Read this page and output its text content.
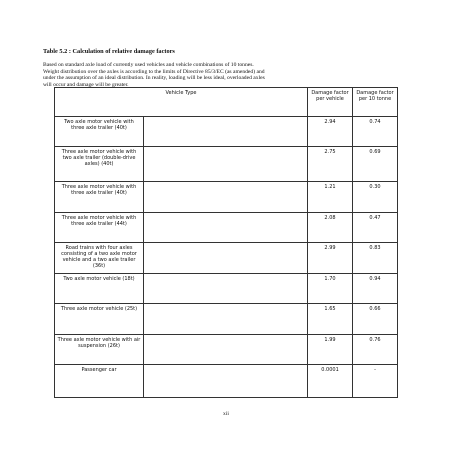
Table 5.2 : Calculation of relative damage factors
Based on standard axle load of currently used vehicles and vehicle combinations of 10 tonnes.
Weight distribution over the axles is according to the limits of Directive 85/3/EC (as amended) and
under the assumption of an ideal distribution. In reality, loading will be less ideal, overloaded axles
will occur and damage will be greater.
Vehicle Type		Damage factor per vehicle	Damage factor per 10 tonne
Two axle motor vehicle with three axle trailer (40t)		2.94	0.74
Three axle motor vehicle with two axle trailer (double-drive axles) (40t)		2.75	0.69
Three axle motor vehicle with three axle trailer (40t)		1.21	0.30
Three axle motor vehicle with three axle trailer (44t)		2.08	0.47
Road trains with four axles consisting of a two axle motor vehicle and a two axle trailer (36t)		2.99	0.83
Two axle motor vehicle (18t)		1.70	0.94
Three axle motor vehicle (25t)		1.65	0.66
Three axle motor vehicle with air suspension (26t)		1.99	0.76
Passenger car		0.0001	-
xii
